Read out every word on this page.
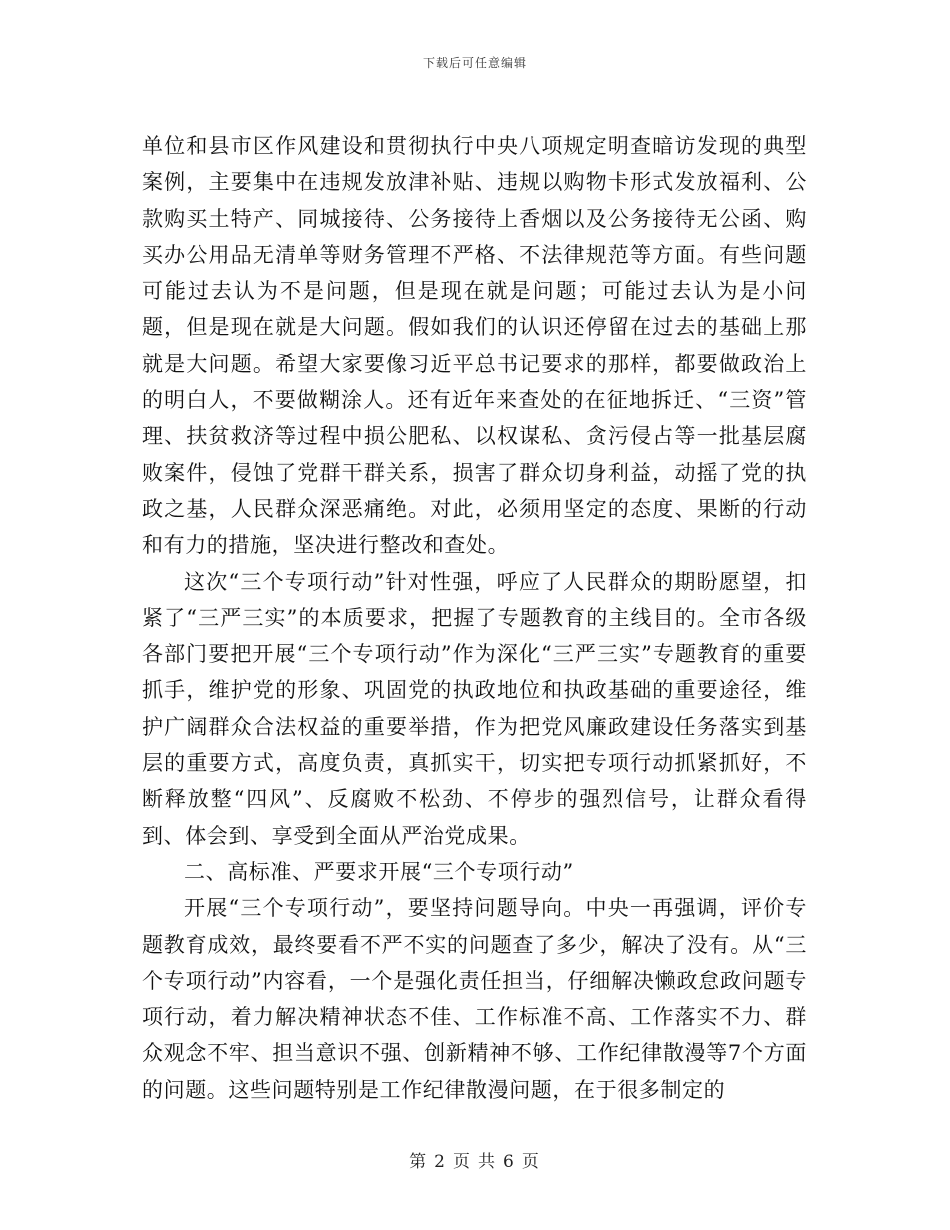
下载后可任意编辑

单位和县市区作风建设和贯彻执行中央八项规定明查暗访发现的典型案例，主要集中在违规发放津补贴、违规以购物卡形式发放福利、公款购买土特产、同城接待、公务接待上香烟以及公务接待无公函、购买办公用品无清单等财务管理不严格、不法律规范等方面。有些问题可能过去认为不是问题，但是现在就是问题；可能过去认为是小问题，但是现在就是大问题。假如我们的认识还停留在过去的基础上那就是大问题。希望大家要像习近平总书记要求的那样，都要做政治上的明白人，不要做糊涂人。还有近年来查处的在征地拆迁、“三资”管理、扶贫救济等过程中损公肥私、以权谋私、贪污侵占等一批基层腐败案件，侵蚀了党群干群关系，损害了群众切身利益，动摇了党的执政之基，人民群众深恶痛绝。对此，必须用坚定的态度、果断的行动和有力的措施，坚决进行整改和查处。

这次“三个专项行动”针对性强，呼应了人民群众的期盼愿望，扣紧了“三严三实”的本质要求，把握了专题教育的主线目的。全市各级各部门要把开展“三个专项行动”作为深化“三严三实”专题教育的重要抓手，维护党的形象、巩固党的执政地位和执政基础的重要途径，维护广阔群众合法权益的重要举措，作为把党风廉政建设任务落实到基层的重要方式，高度负责，真抓实干，切实把专项行动抓紧抓好，不断释放整“四风”、反腐败不松劲、不停步的强烈信号，让群众看得到、体会到、享受到全面从严治党成果。

二、高标准、严要求开展“三个专项行动”

开展“三个专项行动”，要坚持问题导向。中央一再强调，评价专题教育成效，最终要看不严不实的问题查了多少，解决了没有。从“三个专项行动”内容看，一个是强化责任担当，仔细解决懒政怠政问题专项行动，着力解决精神状态不佳、工作标准不高、工作落实不力、群众观念不牢、担当意识不强、创新精神不够、工作纪律散漫等7个方面的问题。这些问题特别是工作纪律散漫问题，在于很多制定的

第 2 页 共 6 页
